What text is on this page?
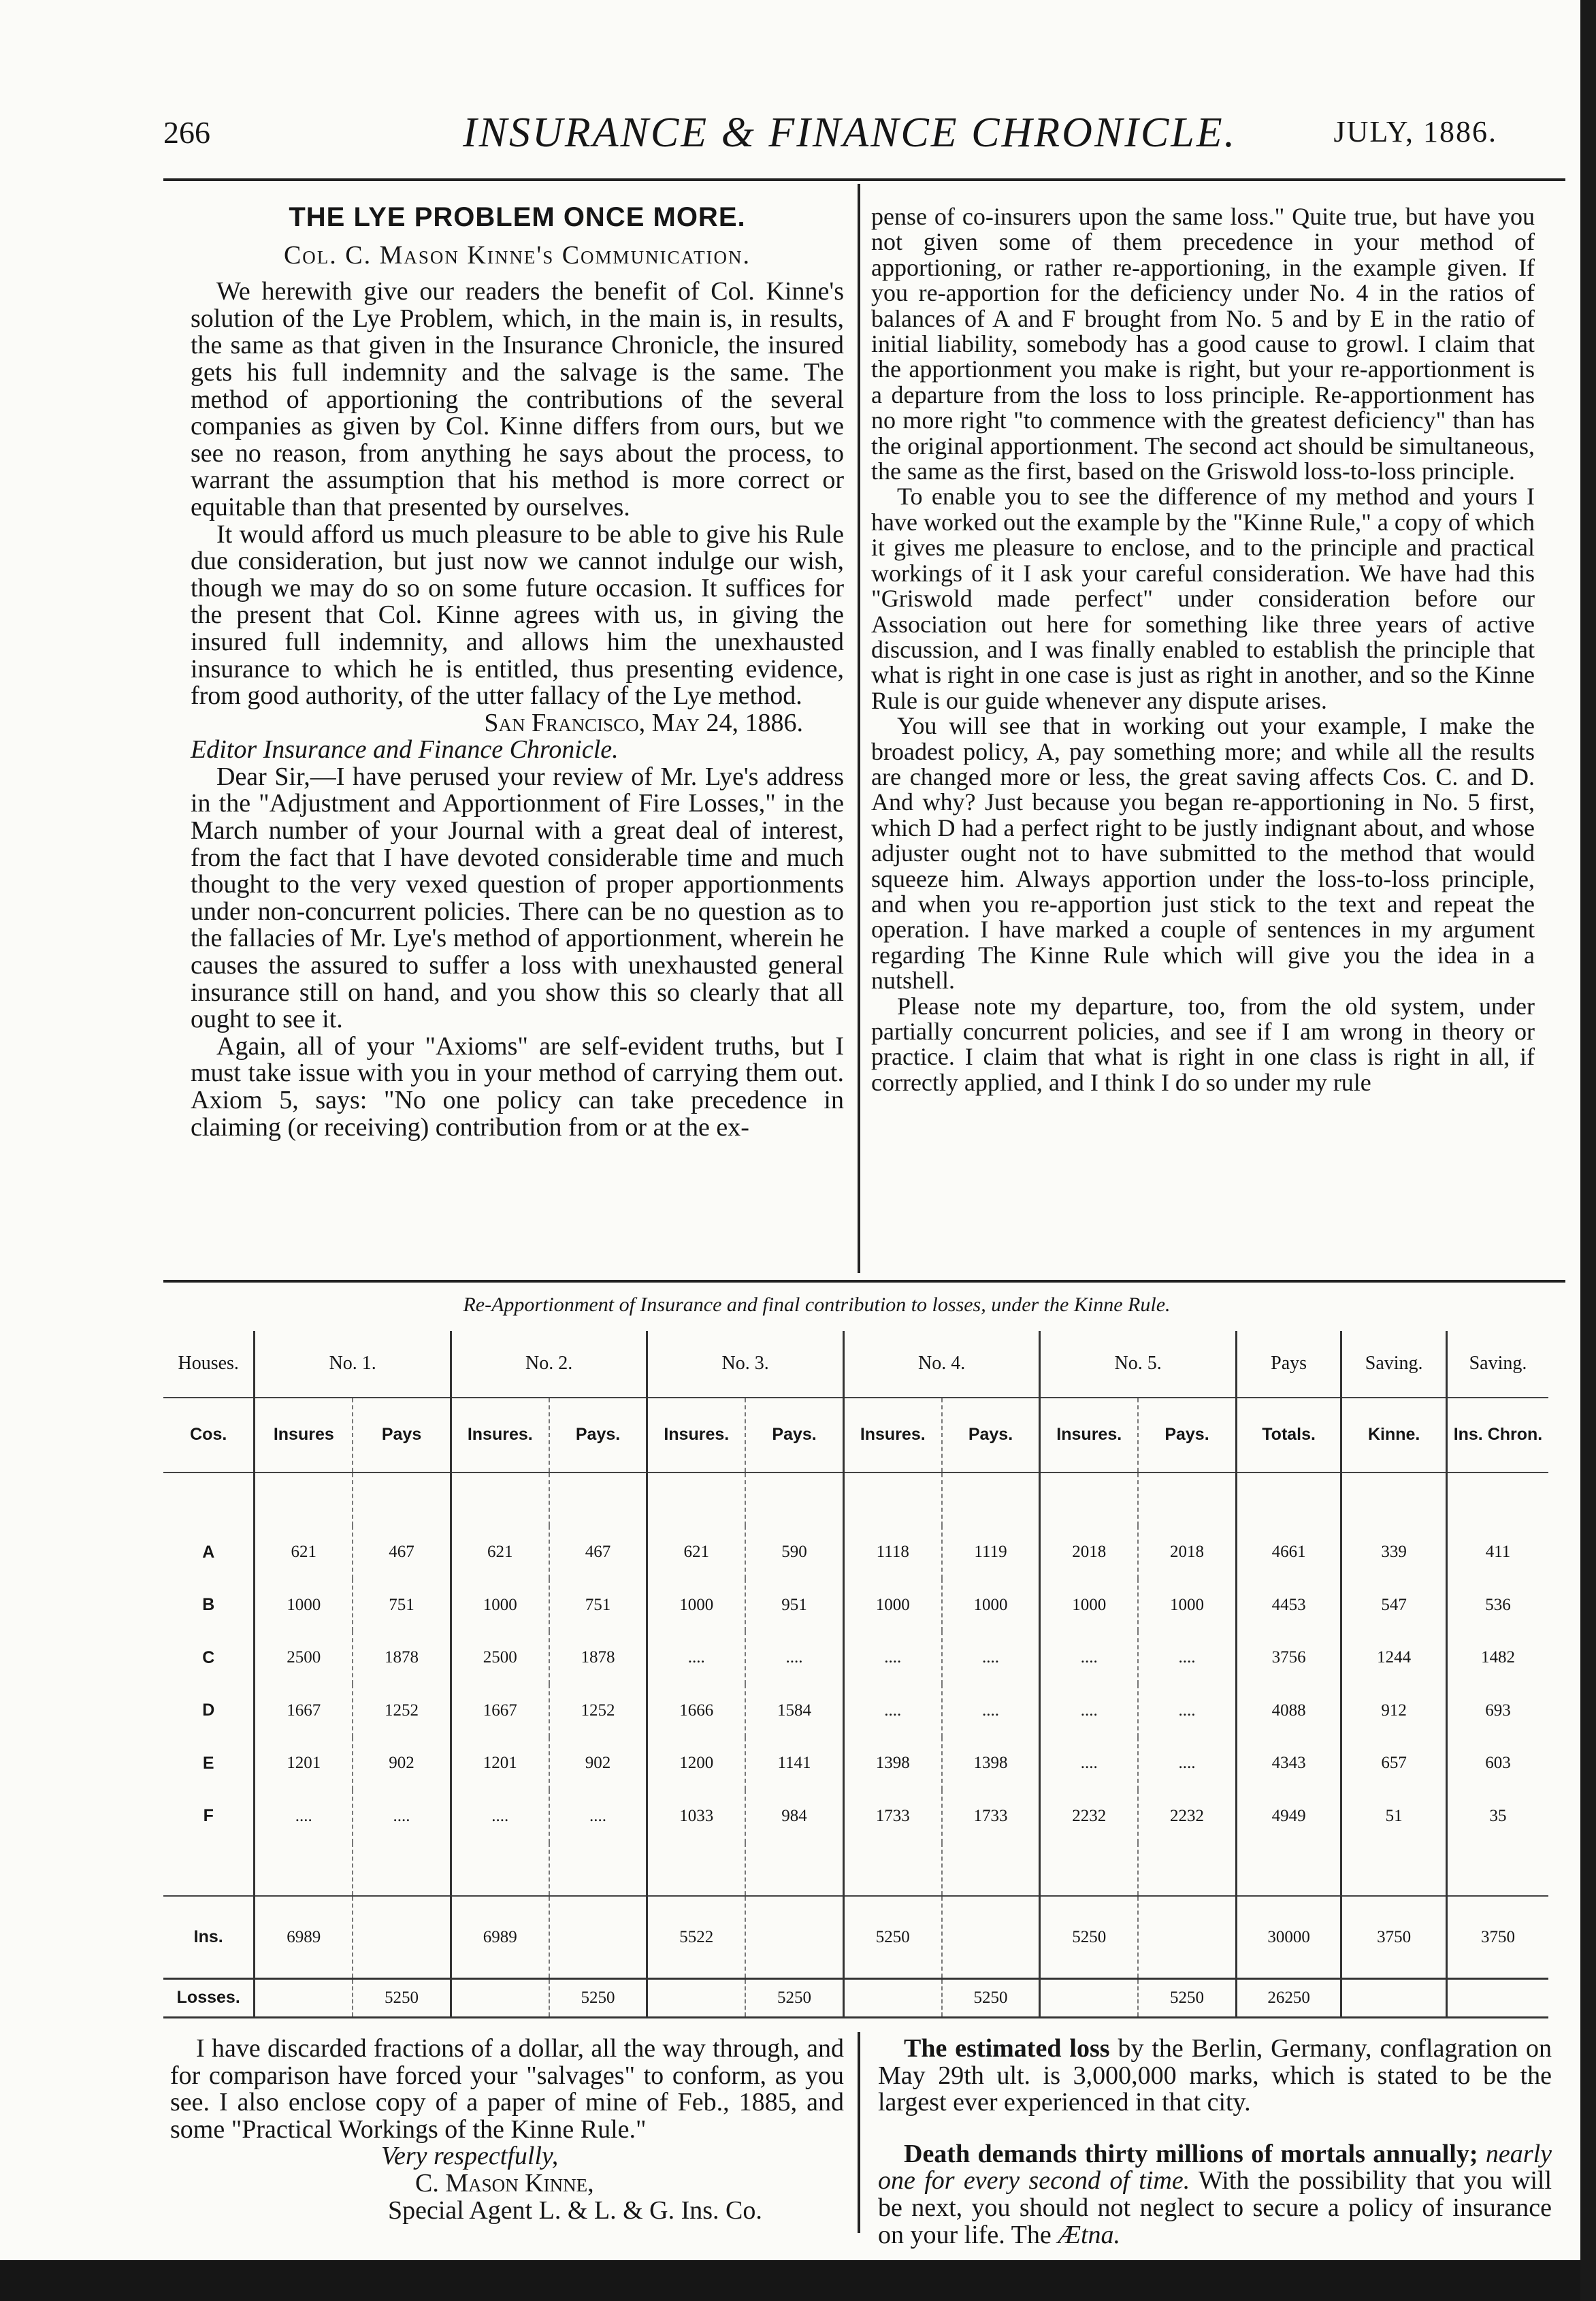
266	INSURANCE & FINANCE CHRONICLE.	JULY, 1886.
THE LYE PROBLEM ONCE MORE.
Col. C. Mason Kinne's Communication.

We herewith give our readers the benefit of Col. Kinne's solution of the Lye Problem, which, in the main is, in results, the same as that given in the Insurance Chronicle, the insured gets his full indemnity and the salvage is the same. The method of apportioning the contributions of the several companies as given by Col. Kinne differs from ours, but we see no reason, from anything he says about the process, to warrant the assumption that his method is more correct or equitable than that presented by ourselves.

It would afford us much pleasure to be able to give his Rule due consideration, but just now we cannot indulge our wish, though we may do so on some future occasion. It suffices for the present that Col. Kinne agrees with us, in giving the insured full indemnity, and allows him the unexhausted insurance to which he is entitled, thus presenting evidence, from good authority, of the utter fallacy of the Lye method.

San Francisco, May 24, 1886.

Editor Insurance and Finance Chronicle.

Dear Sir,—I have perused your review of Mr. Lye's address in the "Adjustment and Apportionment of Fire Losses," in the March number of your Journal with a great deal of interest, from the fact that I have devoted considerable time and much thought to the very vexed question of proper apportionments under non-concurrent policies. There can be no question as to the fallacies of Mr. Lye's method of apportionment, wherein he causes the assured to suffer a loss with unexhausted general insurance still on hand, and you show this so clearly that all ought to see it.

Again, all of your "Axioms" are self-evident truths, but I must take issue with you in your method of carrying them out. Axiom 5, says: "No one policy can take precedence in claiming (or receiving) contribution from or at the ex-

pense of co-insurers upon the same loss." Quite true, but have you not given some of them precedence in your method of apportioning, or rather re-apportioning, in the example given. If you re-apportion for the deficiency under No. 4 in the ratios of balances of A and F brought from No. 5 and by E in the ratio of initial liability, somebody has a good cause to growl. I claim that the apportionment you make is right, but your re-apportionment is a departure from the loss to loss principle. Re-apportionment has no more right "to commence with the greatest deficiency" than has the original apportionment. The second act should be simultaneous, the same as the first, based on the Griswold loss-to-loss principle.

To enable you to see the difference of my method and yours I have worked out the example by the "Kinne Rule," a copy of which it gives me pleasure to enclose, and to the principle and practical workings of it I ask your careful consideration. We have had this "Griswold made perfect" under consideration before our Association out here for something like three years of active discussion, and I was finally enabled to establish the principle that what is right in one case is just as right in another, and so the Kinne Rule is our guide whenever any dispute arises.

You will see that in working out your example, I make the broadest policy, A, pay something more; and while all the results are changed more or less, the great saving affects Cos. C. and D. And why? Just because you began re-apportioning in No. 5 first, which D had a perfect right to be justly indignant about, and whose adjuster ought not to have submitted to the method that would squeeze him. Always apportion under the loss-to-loss principle, and when you re-apportion just stick to the text and repeat the operation. I have marked a couple of sentences in my argument regarding The Kinne Rule which will give you the idea in a nutshell.

Please note my departure, too, from the old system, under partially concurrent policies, and see if I am wrong in theory or practice. I claim that what is right in one class is right in all, if correctly applied, and I think I do so under my rule

Re-Apportionment of Insurance and final contribution to losses, under the Kinne Rule.
Houses.	No. 1.		No. 2.		No. 3.		No. 4.		No. 5.		Pays	Saving.	Saving.
Cos.	Insures	Pays	Insures.	Pays.	Insures.	Pays.	Insures.	Pays.	Insures.	Pays.	Totals.	Kinne.	Ins. Chron.

A	621	467	621	467	621	590	1118	1119	2018	2018	4661	339	411
B	1000	751	1000	751	1000	951	1000	1000	1000	1000	4453	547	536
C	2500	1878	2500	1878	....	....	....	....	....	....	3756	1244	1482
D	1667	1252	1667	1252	1666	1584	....	....	....	....	4088	912	693
E	1201	902	1201	902	1200	1141	1398	1398	....	....	4343	657	603
F	....	....	....	....	1033	984	1733	1733	2232	2232	4949	51	35

Ins.	6989		6989		5522		5250		5250		30000	3750	3750
Losses.		5250		5250		5250		5250		5250	26250		

I have discarded fractions of a dollar, all the way through, and for comparison have forced your "salvages" to conform, as you see. I also enclose copy of a paper of mine of Feb., 1885, and some "Practical Workings of the Kinne Rule."

Very respectfully,
C. Mason Kinne,
Special Agent L. & L. & G. Ins. Co.

The estimated loss by the Berlin, Germany, conflagration on May 29th ult. is 3,000,000 marks, which is stated to be the largest ever experienced in that city.

Death demands thirty millions of mortals annually; nearly one for every second of time. With the possibility that you will be next, you should not neglect to secure a policy of insurance on your life. The Ætna.
